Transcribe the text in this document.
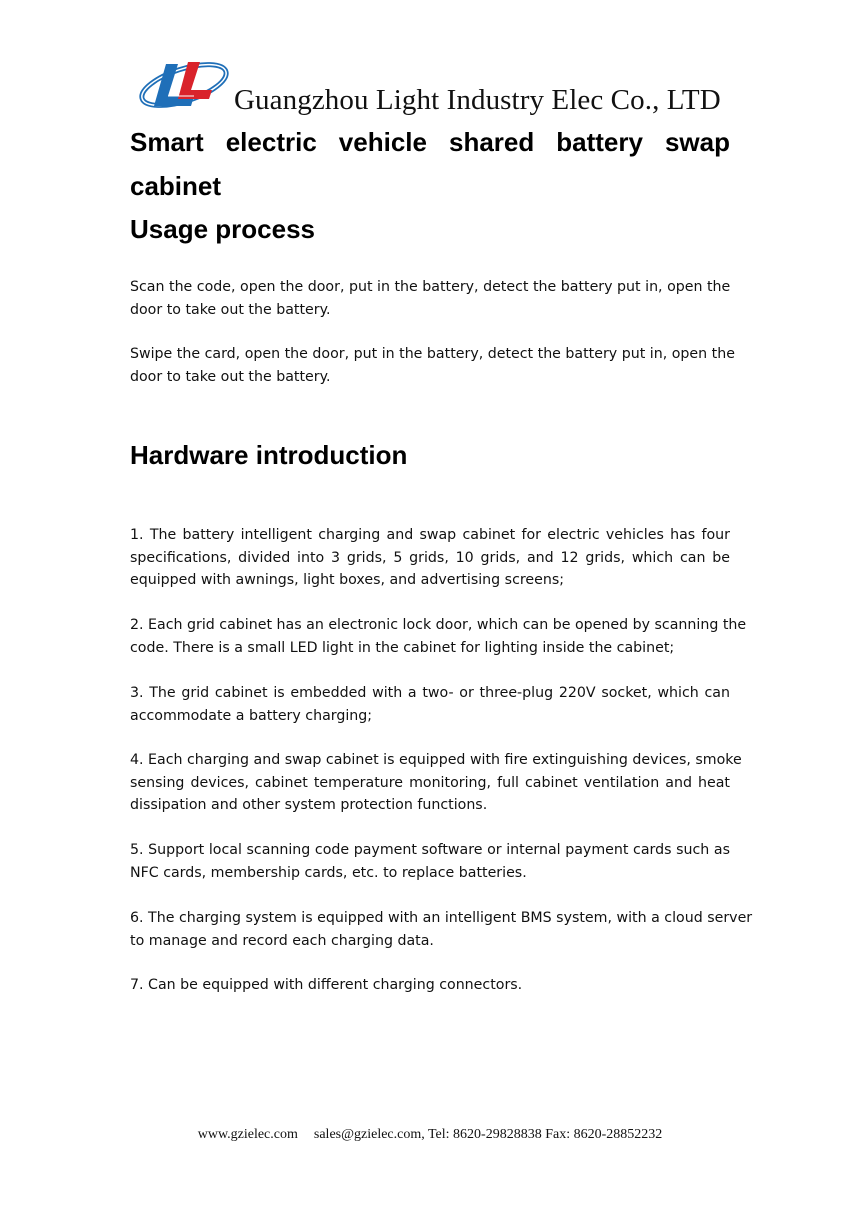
Guangzhou Light Industry Elec Co., LTD
Smart electric vehicle shared battery swap
cabinet
Usage process
Scan the code, open the door, put in the battery, detect the battery put in, open the
door to take out the battery.
Swipe the card, open the door, put in the battery, detect the battery put in, open the
door to take out the battery.
Hardware introduction
1. The battery intelligent charging and swap cabinet for electric vehicles has four
specifications, divided into 3 grids, 5 grids, 10 grids, and 12 grids, which can be
equipped with awnings, light boxes, and advertising screens;
2. Each grid cabinet has an electronic lock door, which can be opened by scanning the
code. There is a small LED light in the cabinet for lighting inside the cabinet;
3. The grid cabinet is embedded with a two- or three-plug 220V socket, which can
accommodate a battery charging;
4. Each charging and swap cabinet is equipped with fire extinguishing devices, smoke
sensing devices, cabinet temperature monitoring, full cabinet ventilation and heat
dissipation and other system protection functions.
5. Support local scanning code payment software or internal payment cards such as
NFC cards, membership cards, etc. to replace batteries.
6. The charging system is equipped with an intelligent BMS system, with a cloud server
to manage and record each charging data.
7. Can be equipped with different charging connectors.
www.gzielec.com sales@gzielec.com, Tel: 8620-29828838 Fax: 8620-28852232
